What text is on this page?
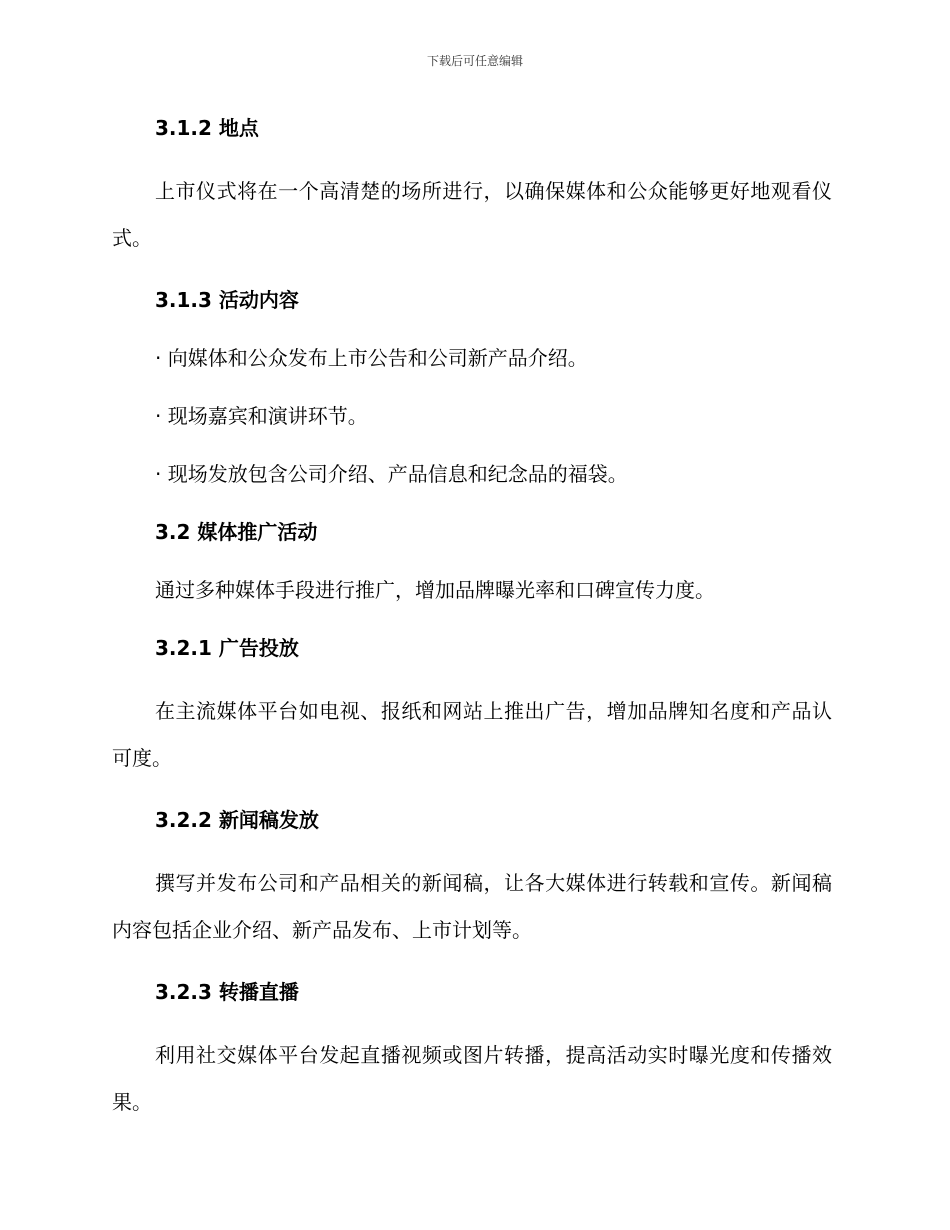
下载后可任意编辑
3.1.2 地点

上市仪式将在一个高清楚的场所进行，以确保媒体和公众能够更好地观看仪式。

3.1.3 活动内容

· 向媒体和公众发布上市公告和公司新产品介绍。

· 现场嘉宾和演讲环节。

· 现场发放包含公司介绍、产品信息和纪念品的福袋。

3.2 媒体推广活动

通过多种媒体手段进行推广，增加品牌曝光率和口碑宣传力度。

3.2.1 广告投放

在主流媒体平台如电视、报纸和网站上推出广告，增加品牌知名度和产品认可度。

3.2.2 新闻稿发放

撰写并发布公司和产品相关的新闻稿，让各大媒体进行转载和宣传。新闻稿内容包括企业介绍、新产品发布、上市计划等。

3.2.3 转播直播

利用社交媒体平台发起直播视频或图片转播，提高活动实时曝光度和传播效果。
